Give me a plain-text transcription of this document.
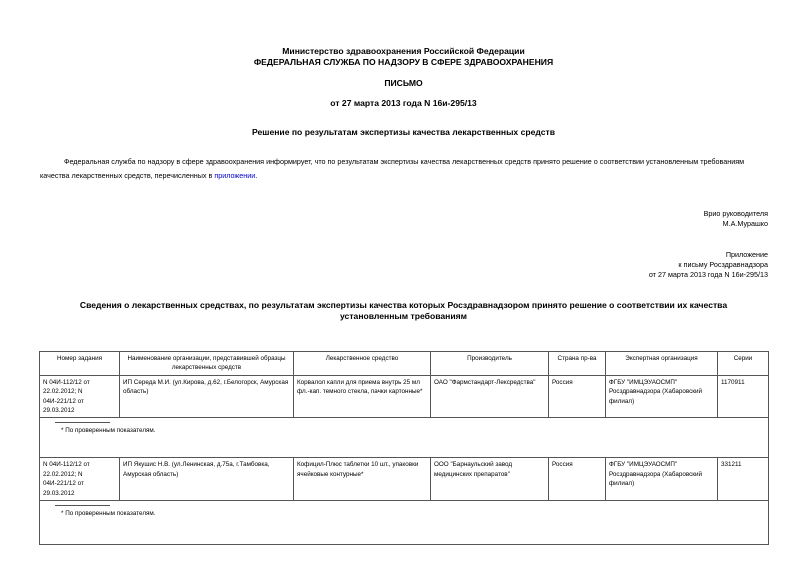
Министерство здравоохранения Российской Федерации
ФЕДЕРАЛЬНАЯ СЛУЖБА ПО НАДЗОРУ В СФЕРЕ ЗДРАВООХРАНЕНИЯ
ПИСЬМО
от 27 марта 2013 года N 16и-295/13
Решение по результатам экспертизы качества лекарственных средств
Федеральная служба по надзору в сфере здравоохранения информирует, что по результатам экспертизы качества лекарственных средств принято решение о соответствии установленным требованиям качества лекарственных средств, перечисленных в приложении.
Врио руководителя
М.А.Мурашко
Приложение
к письму Росздравнадзора
от 27 марта 2013 года N 16и-295/13
Сведения о лекарственных средствах, по результатам экспертизы качества которых Росздравнадзором принято решение о соответствии их качества установленным требованиям
Номер задания	Наименование организации, представившей образцы лекарственных средств	Лекарственное средство	Производитель	Страна пр-ва	Экспертная организация	Серии
N 04И-112/12 от 22.02.2012; N 04И-221/12 от 29.03.2012	ИП Середа М.И. (ул.Кирова, д.62, г.Белогорск, Амурская область)	Корвалол капли для приема внутрь 25 мл фл.-кап. темного стекла, пачки картонные*	ОАО "Фармстандарт-Лексредства"	Россия	ФГБУ "ИМЦЭУАОСМП" Росздравнадзора (Хабаровский филиал)	1170911

* По проверенным показателям.						

N 04И-112/12 от 22.02.2012; N 04И-221/12 от 29.03.2012	ИП Якушис Н.В. (ул.Ленинская, д.75а, г.Тамбовка, Амурская область)	Кофицил-Плюс таблетки 10 шт., упаковки ячейковые контурные*	ООО "Барнаульский завод медицинских препаратов"	Россия	ФГБУ "ИМЦЭУАОСМП" Росздравнадзора (Хабаровский филиал)	331211

* По проверенным показателям.						
